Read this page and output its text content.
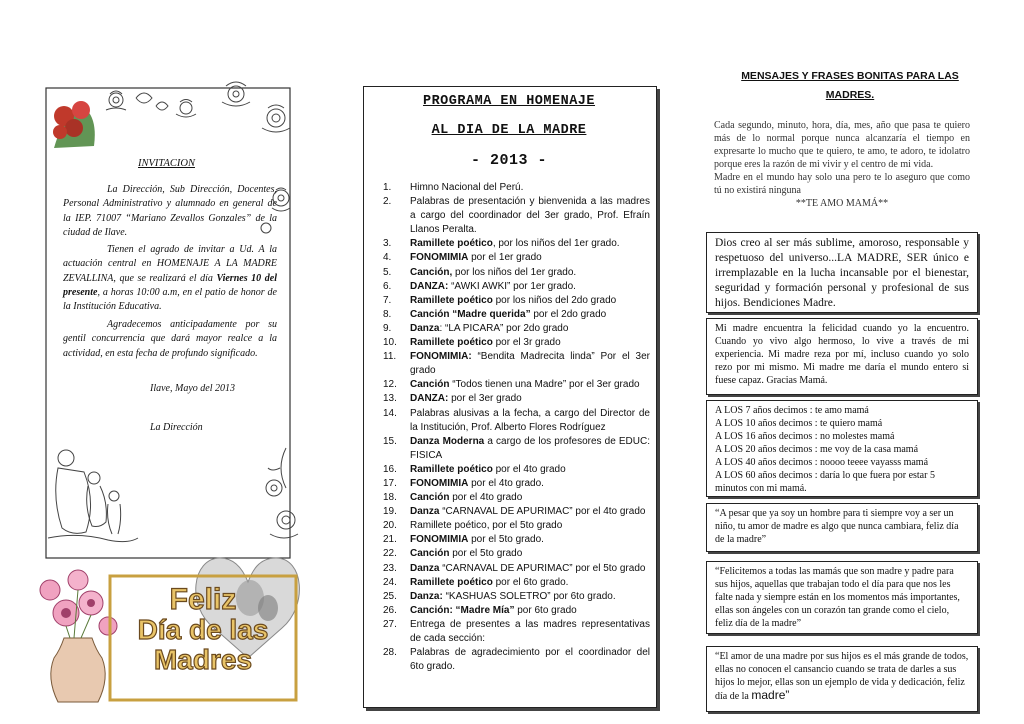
INVITACION
La Dirección, Sub Dirección, Docentes, Personal Administrativo y alumnado en general de la IEP. 71007 “Mariano Zevallos Gonzales” de la ciudad de Ilave.
Tienen el agrado de invitar a Ud. A la actuación central en HOMENAJE A LA MADRE ZEVALLINA, que se realizará el día Viernes 10 del presente, a horas 10:00 a.m, en el patio de honor de la Institución Educativa.
Agradecemos anticipadamente por su gentil concurrencia que dará mayor realce a la actividad, en esta fecha de profundo significado.
Ilave, Mayo del 2013
La Dirección
Feliz
Día de las
Madres
PROGRAMA EN HOMENAJE
AL DIA DE LA MADRE
- 2013 -
1. Himno Nacional del Perú.
2. Palabras de presentación y bienvenida a las madres a cargo del coordinador del 3er grado, Prof. Efraín Llanos Peralta.
3. Ramillete poético, por los niños del 1er grado.
4. FONOMIMIA por el 1er grado
5. Canción, por los niños del 1er grado.
6. DANZA: “AWKI AWKI” por 1er grado.
7. Ramillete poético por los niños del 2do grado
8. Canción “Madre querida” por el 2do grado
9. Danza: “LA PICARA” por 2do grado
10. Ramillete poético por el 3r grado
11. FONOMIMIA: “Bendita Madrecita linda” Por el 3er grado
12. Canción “Todos tienen una Madre” por el 3er grado
13. DANZA: por el 3er grado
14. Palabras alusivas a la fecha, a cargo del Director de la Institución, Prof. Alberto Flores Rodríguez
15. Danza Moderna a cargo de los profesores de EDUC: FISICA
16. Ramillete poético por el 4to grado
17. FONOMIMIA por el 4to grado.
18. Canción por el 4to grado
19. Danza “CARNAVAL DE APURIMAC” por el 4to grado
20. Ramillete poético, por el 5to grado
21. FONOMIMIA por el 5to grado.
22. Canción por el 5to grado
23. Danza “CARNAVAL DE APURIMAC” por el 5to grado
24. Ramillete poético por el 6to grado.
25. Danza: “KASHUAS SOLETRO” por 6to grado.
26. Canción: “Madre Mía” por 6to grado
27. Entrega de presentes a las madres representativas de cada sección:
28. Palabras de agradecimiento por el coordinador del 6to grado.
MENSAJES Y FRASES BONITAS PARA LAS
MADRES.
Cada segundo, minuto, hora, día, mes, año que pasa te quiero más de lo normal porque nunca alcanzaría el tiempo en expresarte lo mucho que te quiero, te amo, te adoro, te idolatro porque eres la razón de mi vivir y el centro de mi vida.
Madre en el mundo hay solo una pero te lo aseguro que como tú no existirá ninguna
**TE AMO MAMÁ**
Dios creo al ser más sublime, amoroso, responsable y respetuoso del universo...LA MADRE, SER único e irremplazable en la lucha incansable por el bienestar, seguridad y formación personal y profesional de sus hijos. Bendiciones Madre.
Mi madre encuentra la felicidad cuando yo la encuentro. Cuando yo vivo algo hermoso, lo vive a través de mi experiencia. Mi madre reza por mí, incluso cuando yo solo rezo por mi mismo. Mi madre me daría el mundo entero si fuese capaz. Gracias Mamá.
A LOS 7 años decimos : te amo mamá
A LOS 10 años decimos : te quiero mamá
A LOS 16 años decimos : no molestes mamá
A LOS 20 años decimos : me voy de la casa mamá
A LOS 40 años decimos : noooo teeee vayasss mamá
A LOS 60 años decimos : daría lo que fuera por estar 5 minutos con mi mamá.
“A pesar que ya soy un hombre para ti siempre voy a ser un niño, tu amor de madre es algo que nunca cambiara, feliz día de la madre”
“Felicitemos a todas las mamás que son madre y padre para sus hijos, aquellas que trabajan todo el día para que nos les falte nada y siempre están en los momentos más importantes, ellas son ángeles con un corazón tan grande como el cielo, feliz día de la madre”
“El amor de una madre por sus hijos es el más grande de todos, ellas no conocen el cansancio cuando se trata de darles a sus hijos lo mejor, ellas son un ejemplo de vida y dedicación, feliz día de la madre”
